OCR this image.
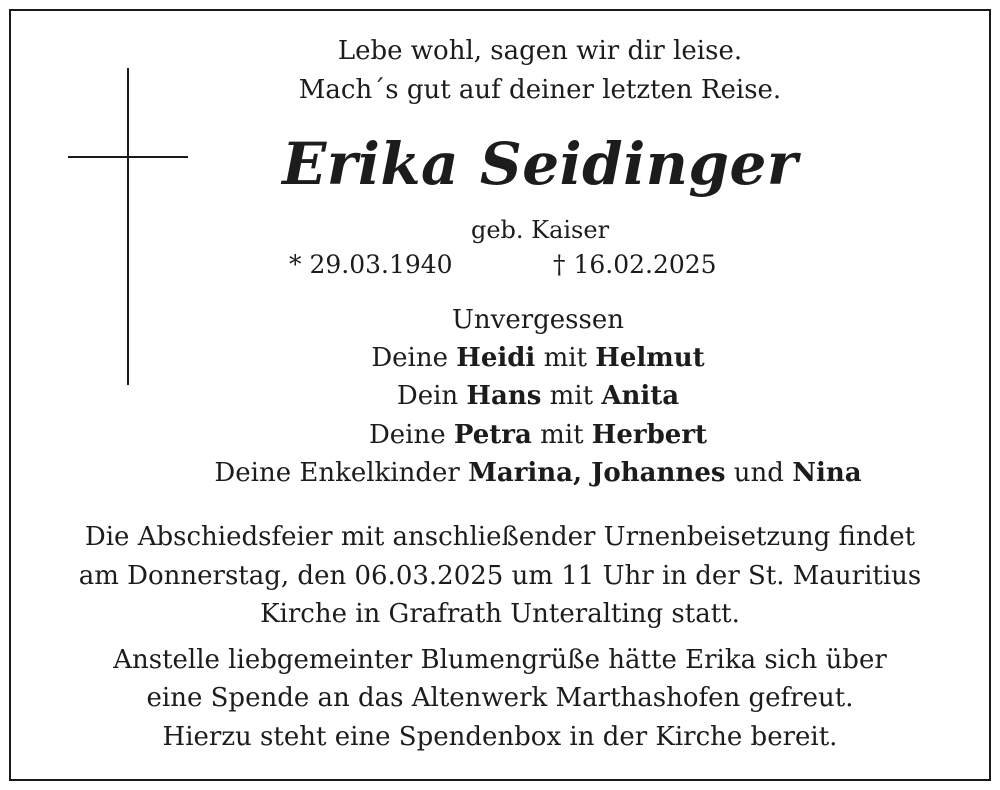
Lebe wohl, sagen wir dir leise.
Mach´s gut auf deiner letzten Reise.
Erika Seidinger
geb. Kaiser
* 29.03.1940	† 16.02.2025
Unvergessen
Deine Heidi mit Helmut
Dein Hans mit Anita
Deine Petra mit Herbert
Deine Enkelkinder Marina, Johannes und Nina
Die Abschiedsfeier mit anschließender Urnenbeisetzung findet
am Donnerstag, den 06.03.2025 um 11 Uhr in der St. Mauritius
Kirche in Grafrath Unteralting statt.
Anstelle liebgemeinter Blumengrüße hätte Erika sich über
eine Spende an das Altenwerk Marthashofen gefreut.
Hierzu steht eine Spendenbox in der Kirche bereit.
